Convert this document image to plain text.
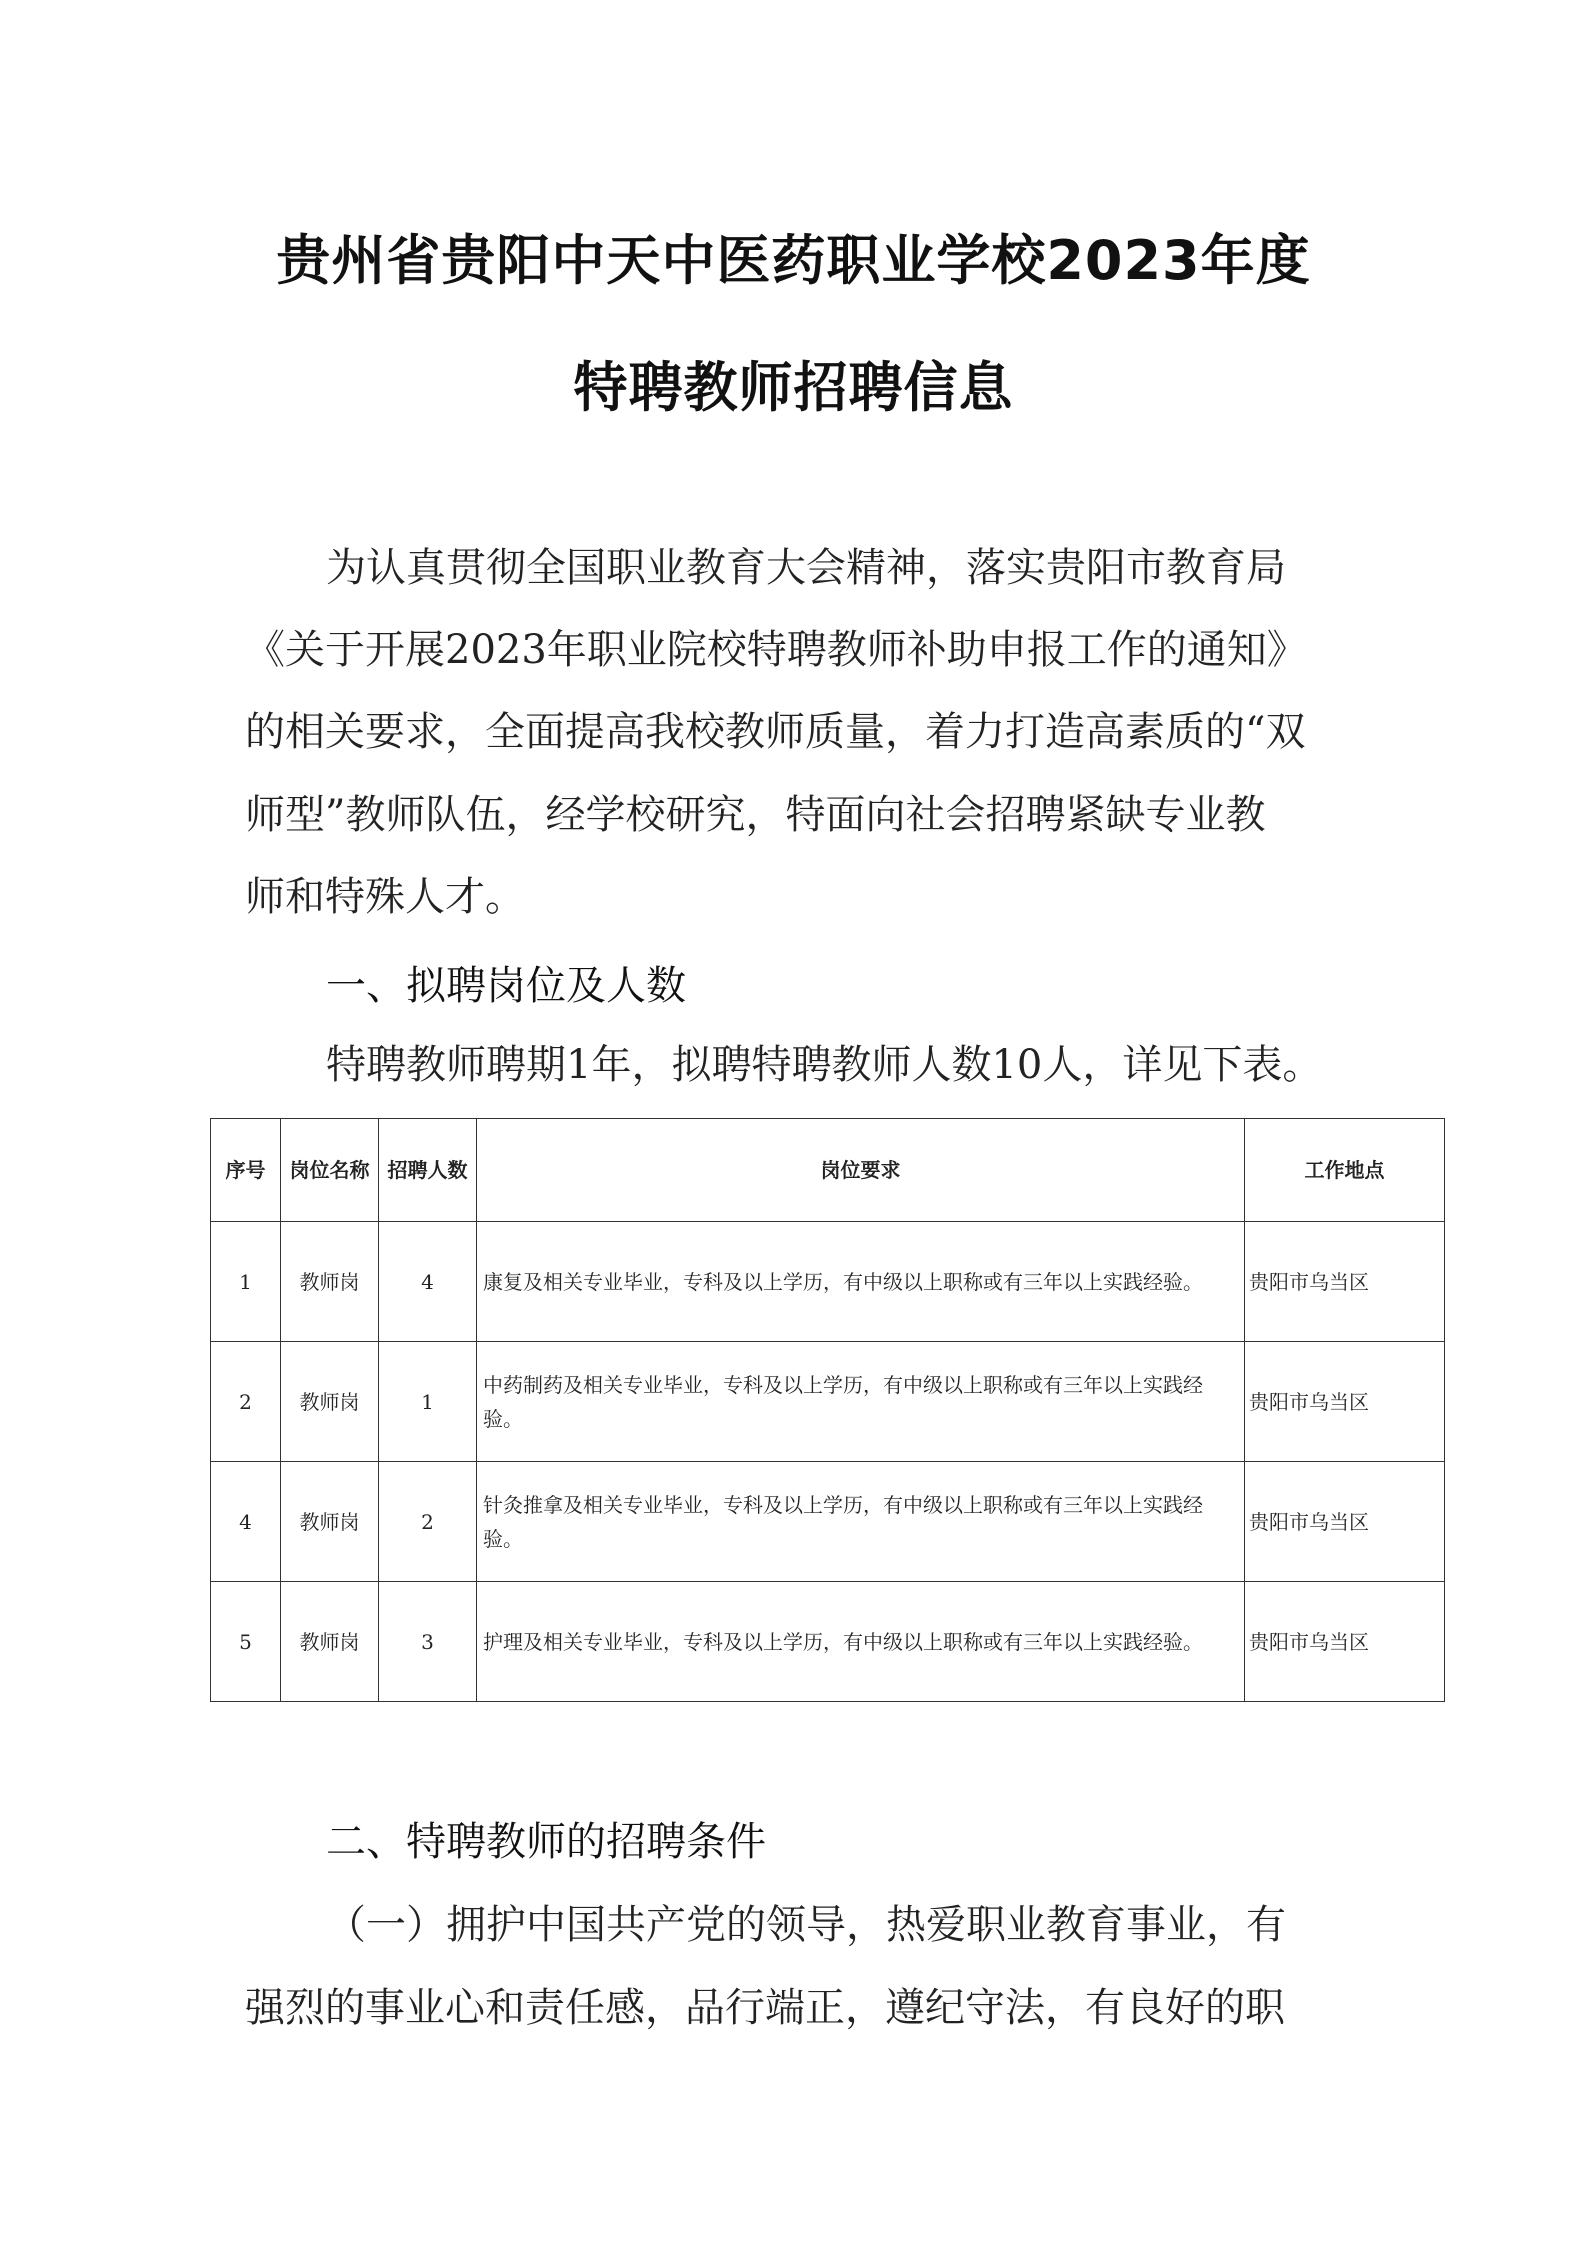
贵州省贵阳中天中医药职业学校2023年度
特聘教师招聘信息
为认真贯彻全国职业教育大会精神，落实贵阳市教育局
《关于开展2023年职业院校特聘教师补助申报工作的通知》
的相关要求，全面提高我校教师质量，着力打造高素质的“双
师型”教师队伍，经学校研究，特面向社会招聘紧缺专业教
师和特殊人才。
一、拟聘岗位及人数
特聘教师聘期1年，拟聘特聘教师人数10人，详见下表。
序号	岗位名称	招聘人数	岗位要求	工作地点
1	教师岗	4	康复及相关专业毕业，专科及以上学历，有中级以上职称或有三年以上实践经验。	贵阳市乌当区
2	教师岗	1	中药制药及相关专业毕业，专科及以上学历，有中级以上职称或有三年以上实践经验。	贵阳市乌当区
4	教师岗	2	针灸推拿及相关专业毕业，专科及以上学历，有中级以上职称或有三年以上实践经验。	贵阳市乌当区
5	教师岗	3	护理及相关专业毕业，专科及以上学历，有中级以上职称或有三年以上实践经验。	贵阳市乌当区
二、特聘教师的招聘条件
（一）拥护中国共产党的领导，热爱职业教育事业，有
强烈的事业心和责任感，品行端正，遵纪守法，有良好的职
